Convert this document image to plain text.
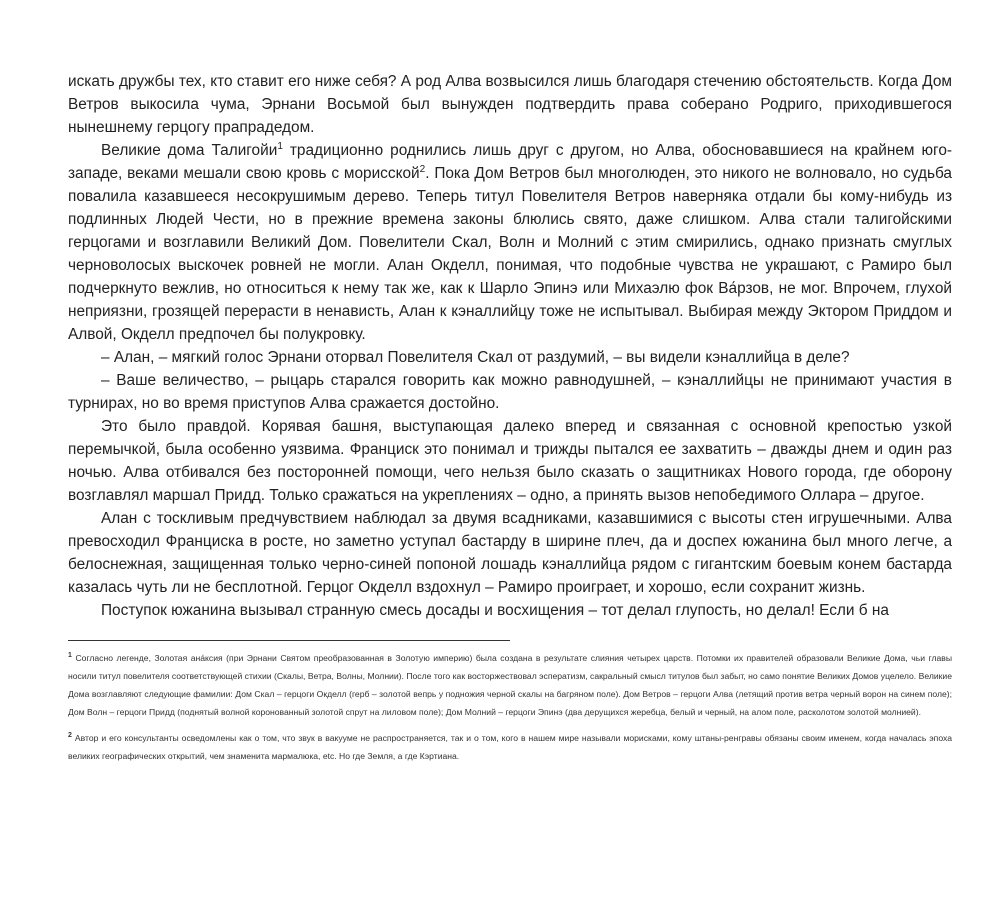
искать дружбы тех, кто ставит его ниже себя? А род Алва возвысился лишь благодаря стечению обстоятельств. Когда Дом Ветров выкосила чума, Эрнани Восьмой был вынужден подтвердить права соберано Родриго, приходившегося нынешнему герцогу прапрадедом.

Великие дома Талигойи$^1$ традиционно роднились лишь друг с другом, но Алва, обосновавшиеся на крайнем юго-западе, веками мешали свою кровь с морисской$^2$. Пока Дом Ветров был многолюден, это никого не волновало, но судьба повалила казавшееся несокрушимым дерево. Теперь титул Повелителя Ветров наверняка отдали бы кому-нибудь из подлинных Людей Чести, но в прежние времена законы блюлись свято, даже слишком. Алва стали талигойскими герцогами и возглавили Великий Дом. Повелители Скал, Волн и Молний с этим смирились, однако признать смуглых черноволосых выскочек ровней не могли. Алан Окделл, понимая, что подобные чувства не украшают, с Рамиро был подчеркнуто вежлив, но относиться к нему так же, как к Шарло Эпинэ или Михаэлю фок Ва́рзов, не мог. Впрочем, глухой неприязни, грозящей перерасти в ненависть, Алан к кэналлийцу тоже не испытывал. Выбирая между Эктором Приддом и Алвой, Окделл предпочел бы полукровку.

– Алан, – мягкий голос Эрнани оторвал Повелителя Скал от раздумий, – вы видели кэналлийца в деле?

– Ваше величество, – рыцарь старался говорить как можно равнодушней, – кэналлийцы не принимают участия в турнирах, но во время приступов Алва сражается достойно.

Это было правдой. Корявая башня, выступающая далеко вперед и связанная с основной крепостью узкой перемычкой, была особенно уязвима. Франциск это понимал и трижды пытался ее захватить – дважды днем и один раз ночью. Алва отбивался без посторонней помощи, чего нельзя было сказать о защитниках Нового города, где оборону возглавлял маршал Придд. Только сражаться на укреплениях – одно, а принять вызов непобедимого Оллара – другое.

Алан с тоскливым предчувствием наблюдал за двумя всадниками, казавшимися с высоты стен игрушечными. Алва превосходил Франциска в росте, но заметно уступал бастарду в ширине плеч, да и доспех южанина был много легче, а белоснежная, защищенная только черно-синей попоной лошадь кэналлийца рядом с гигантским боевым конем бастарда казалась чуть ли не бесплотной. Герцог Окделл вздохнул – Рамиро проиграет, и хорошо, если сохранит жизнь.

Поступок южанина вызывал странную смесь досады и восхищения – тот делал глупость, но делал! Если б на

$^1$ Согласно легенде, Золотая ана́ксия (при Эрнани Святом преобразованная в Золотую империю) была создана в результате слияния четырех царств. Потомки их правителей образовали Великие Дома, чьи главы носили титул повелителя соответствующей стихии (Скалы, Ветра, Волны, Молнии). После того как восторжествовал эсператизм, сакральный смысл титулов был забыт, но само понятие Великих Домов уцелело. Великие Дома возглавляют следующие фамилии: Дом Скал – герцоги Окделл (герб – золотой вепрь у подножия черной скалы на багряном поле). Дом Ветров – герцоги Алва (летящий против ветра черный ворон на синем поле); Дом Волн – герцоги Придд (поднятый волной коронованный золотой спрут на лиловом поле); Дом Молний – герцоги Эпинэ (два дерущихся жеребца, белый и черный, на алом поле, расколотом золотой молнией).

$^2$ Автор и его консультанты осведомлены как о том, что звук в вакууме не распространяется, так и о том, кого в нашем мире называли морисками, кому штаны-ренгравы обязаны своим именем, когда началась эпоха великих географических открытий, чем знаменита мармалюка, etc. Но где Земля, а где Кэртиана.
